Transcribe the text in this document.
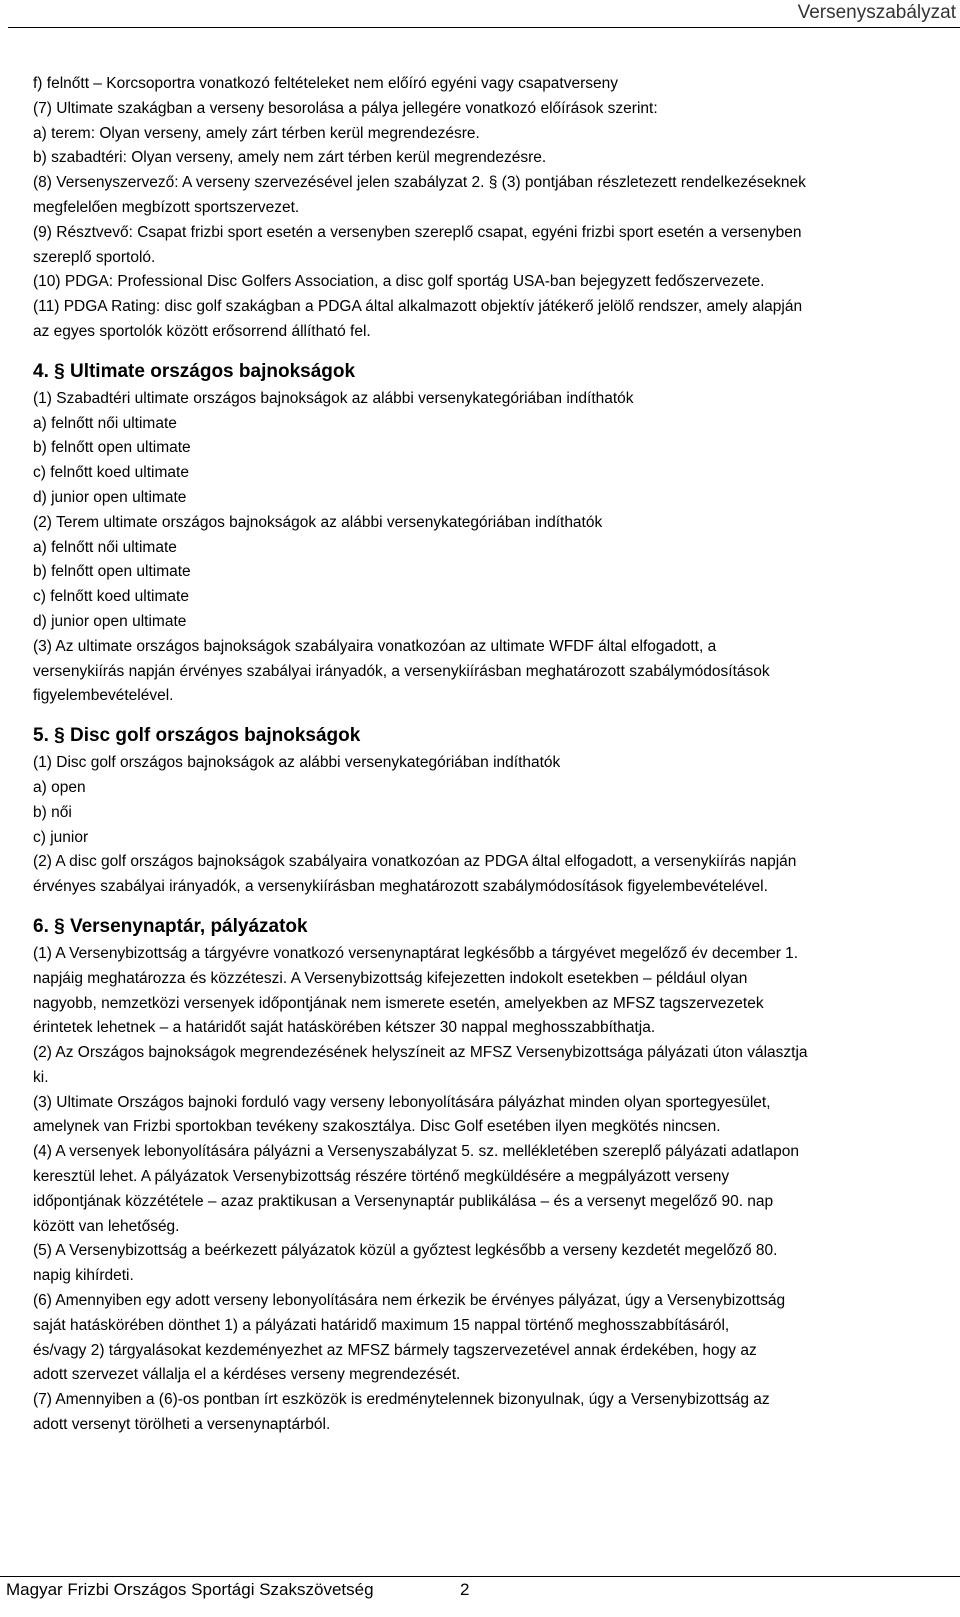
Versenyszabályzat
f) felnőtt – Korcsoportra vonatkozó feltételeket nem előíró egyéni vagy csapatverseny
(7) Ultimate szakágban a verseny besorolása a pálya jellegére vonatkozó előírások szerint:
a) terem: Olyan verseny, amely zárt térben kerül megrendezésre.
b) szabadtéri: Olyan verseny, amely nem zárt térben kerül megrendezésre.
(8) Versenyszervező: A verseny szervezésével jelen szabályzat 2. § (3) pontjában részletezett rendelkezéseknek
megfelelően megbízott sportszervezet.
(9) Résztvevő: Csapat frizbi sport esetén a versenyben szereplő csapat, egyéni frizbi sport esetén a versenyben
szereplő sportoló.
(10) PDGA: Professional Disc Golfers Association, a disc golf sportág USA-ban bejegyzett fedőszervezete.
(11) PDGA Rating: disc golf szakágban a PDGA által alkalmazott objektív játékerő jelölő rendszer, amely alapján
az egyes sportolók között erősorrend állítható fel.
4. § Ultimate országos bajnokságok
(1) Szabadtéri ultimate országos bajnokságok az alábbi versenykategóriában indíthatók
a) felnőtt női ultimate
b) felnőtt open ultimate
c) felnőtt koed ultimate
d) junior open ultimate
(2) Terem ultimate országos bajnokságok az alábbi versenykategóriában indíthatók
a) felnőtt női ultimate
b) felnőtt open ultimate
c) felnőtt koed ultimate
d) junior open ultimate
(3) Az ultimate országos bajnokságok szabályaira vonatkozóan az ultimate WFDF által elfogadott, a
versenykiírás napján érvényes szabályai irányadók, a versenykiírásban meghatározott szabálymódosítások
figyelembevételével.
5. § Disc golf országos bajnokságok
(1) Disc golf országos bajnokságok az alábbi versenykategóriában indíthatók
a) open
b) női
c) junior
(2) A disc golf országos bajnokságok szabályaira vonatkozóan az PDGA által elfogadott, a versenykiírás napján
érvényes szabályai irányadók, a versenykiírásban meghatározott szabálymódosítások figyelembevételével.
6. § Versenynaptár, pályázatok
(1) A Versenybizottság a tárgyévre vonatkozó versenynaptárat legkésőbb a tárgyévet megelőző év december 1.
napjáig meghatározza és közzéteszi. A Versenybizottság kifejezetten indokolt esetekben – például olyan
nagyobb, nemzetközi versenyek időpontjának nem ismerete esetén, amelyekben az MFSZ tagszervezetek
érintetek lehetnek – a határidőt saját hatáskörében kétszer 30 nappal meghosszabbíthatja.
(2) Az Országos bajnokságok megrendezésének helyszíneit az MFSZ Versenybizottsága pályázati úton választja
ki.
(3) Ultimate Országos bajnoki forduló vagy verseny lebonyolítására pályázhat minden olyan sportegyesület,
amelynek van Frizbi sportokban tevékeny szakosztálya. Disc Golf esetében ilyen megkötés nincsen.
(4) A versenyek lebonyolítására pályázni a Versenyszabályzat 5. sz. mellékletében szereplő pályázati adatlapon
keresztül lehet. A pályázatok Versenybizottság részére történő megküldésére a megpályázott verseny
időpontjának közzététele – azaz praktikusan a Versenynaptár publikálása – és a versenyt megelőző 90. nap
között van lehetőség.
(5) A Versenybizottság a beérkezett pályázatok közül a győztest legkésőbb a verseny kezdetét megelőző 80.
napig kihírdeti.
(6) Amennyiben egy adott verseny lebonyolítására nem érkezik be érvényes pályázat, úgy a Versenybizottság
saját hatáskörében dönthet 1) a pályázati határidő maximum 15 nappal történő meghosszabbításáról,
és/vagy 2) tárgyalásokat kezdeményezhet az MFSZ bármely tagszervezetével annak érdekében, hogy az
adott szervezet vállalja el a kérdéses verseny megrendezését.
(7) Amennyiben a (6)-os pontban írt eszközök is eredménytelennek bizonyulnak, úgy a Versenybizottság az
adott versenyt törölheti a versenynaptárból.
Magyar Frizbi Országos Sportági Szakszövetség	2
